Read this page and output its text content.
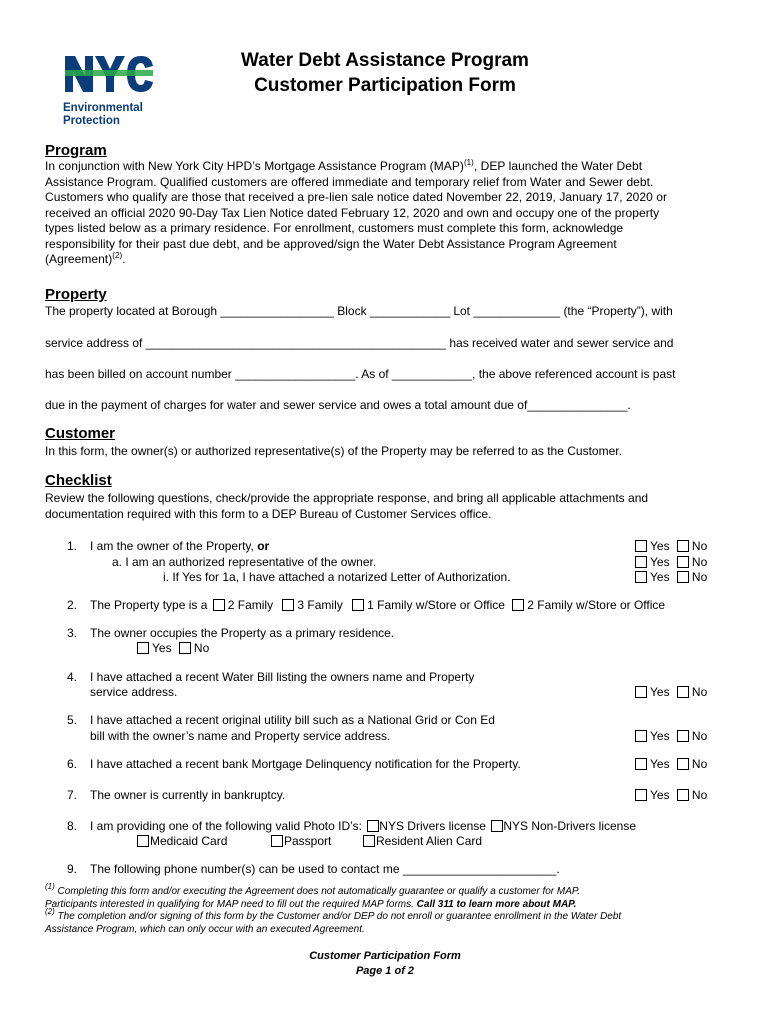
Environmental
Protection
Water Debt Assistance Program
Customer Participation Form
Program
In conjunction with New York City HPD’s Mortgage Assistance Program (MAP)$^{(1)}$, DEP launched the Water Debt
Assistance Program. Qualified customers are offered immediate and temporary relief from Water and Sewer debt.
Customers who qualify are those that received a pre-lien sale notice dated November 22, 2019, January 17, 2020 or
received an official 2020 90-Day Tax Lien Notice dated February 12, 2020 and own and occupy one of the property
types listed below as a primary residence. For enrollment, customers must complete this form, acknowledge
responsibility for their past due debt, and be approved/sign the Water Debt Assistance Program Agreement
(Agreement)$^{(2)}$.
Property
The property located at Borough _________________ Block ____________ Lot _____________ (the “Property”), with
service address of _____________________________________________ has received water and sewer service and
has been billed on account number __________________. As of ____________, the above referenced account is past
due in the payment of charges for water and sewer service and owes a total amount due of_______________.
Customer
In this form, the owner(s) or authorized representative(s) of the Property may be referred to as the Customer.
Checklist
Review the following questions, check/provide the appropriate response, and bring all applicable attachments and
documentation required with this form to a DEP Bureau of Customer Services office.
1. I am the owner of the Property, or
a. I am an authorized representative of the owner.
i. If Yes for 1a, I have attached a notarized Letter of Authorization.
Yes No
Yes No
Yes No
2. The Property type is a 2 Family 3 Family 1 Family w/Store or Office 2 Family w/Store or Office
3. The owner occupies the Property as a primary residence.
Yes No
4. I have attached a recent Water Bill listing the owners name and Property
service address.	Yes No
5. I have attached a recent original utility bill such as a National Grid or Con Ed
bill with the owner’s name and Property service address.	Yes No
6. I have attached a recent bank Mortgage Delinquency notification for the Property.	Yes No
7. The owner is currently in bankruptcy.	Yes No
8. I am providing one of the following valid Photo ID’s: NYS Drivers license NYS Non-Drivers license
Medicaid Card	Passport	Resident Alien Card
9. The following phone number(s) can be used to contact me _______________________.
$^{(1)}$ Completing this form and/or executing the Agreement does not automatically guarantee or qualify a customer for MAP.
Participants interested in qualifying for MAP need to fill out the required MAP forms. Call 311 to learn more about MAP.
$^{(2)}$ The completion and/or signing of this form by the Customer and/or DEP do not enroll or guarantee enrollment in the Water Debt
Assistance Program, which can only occur with an executed Agreement.
Customer Participation Form
Page 1 of 2
